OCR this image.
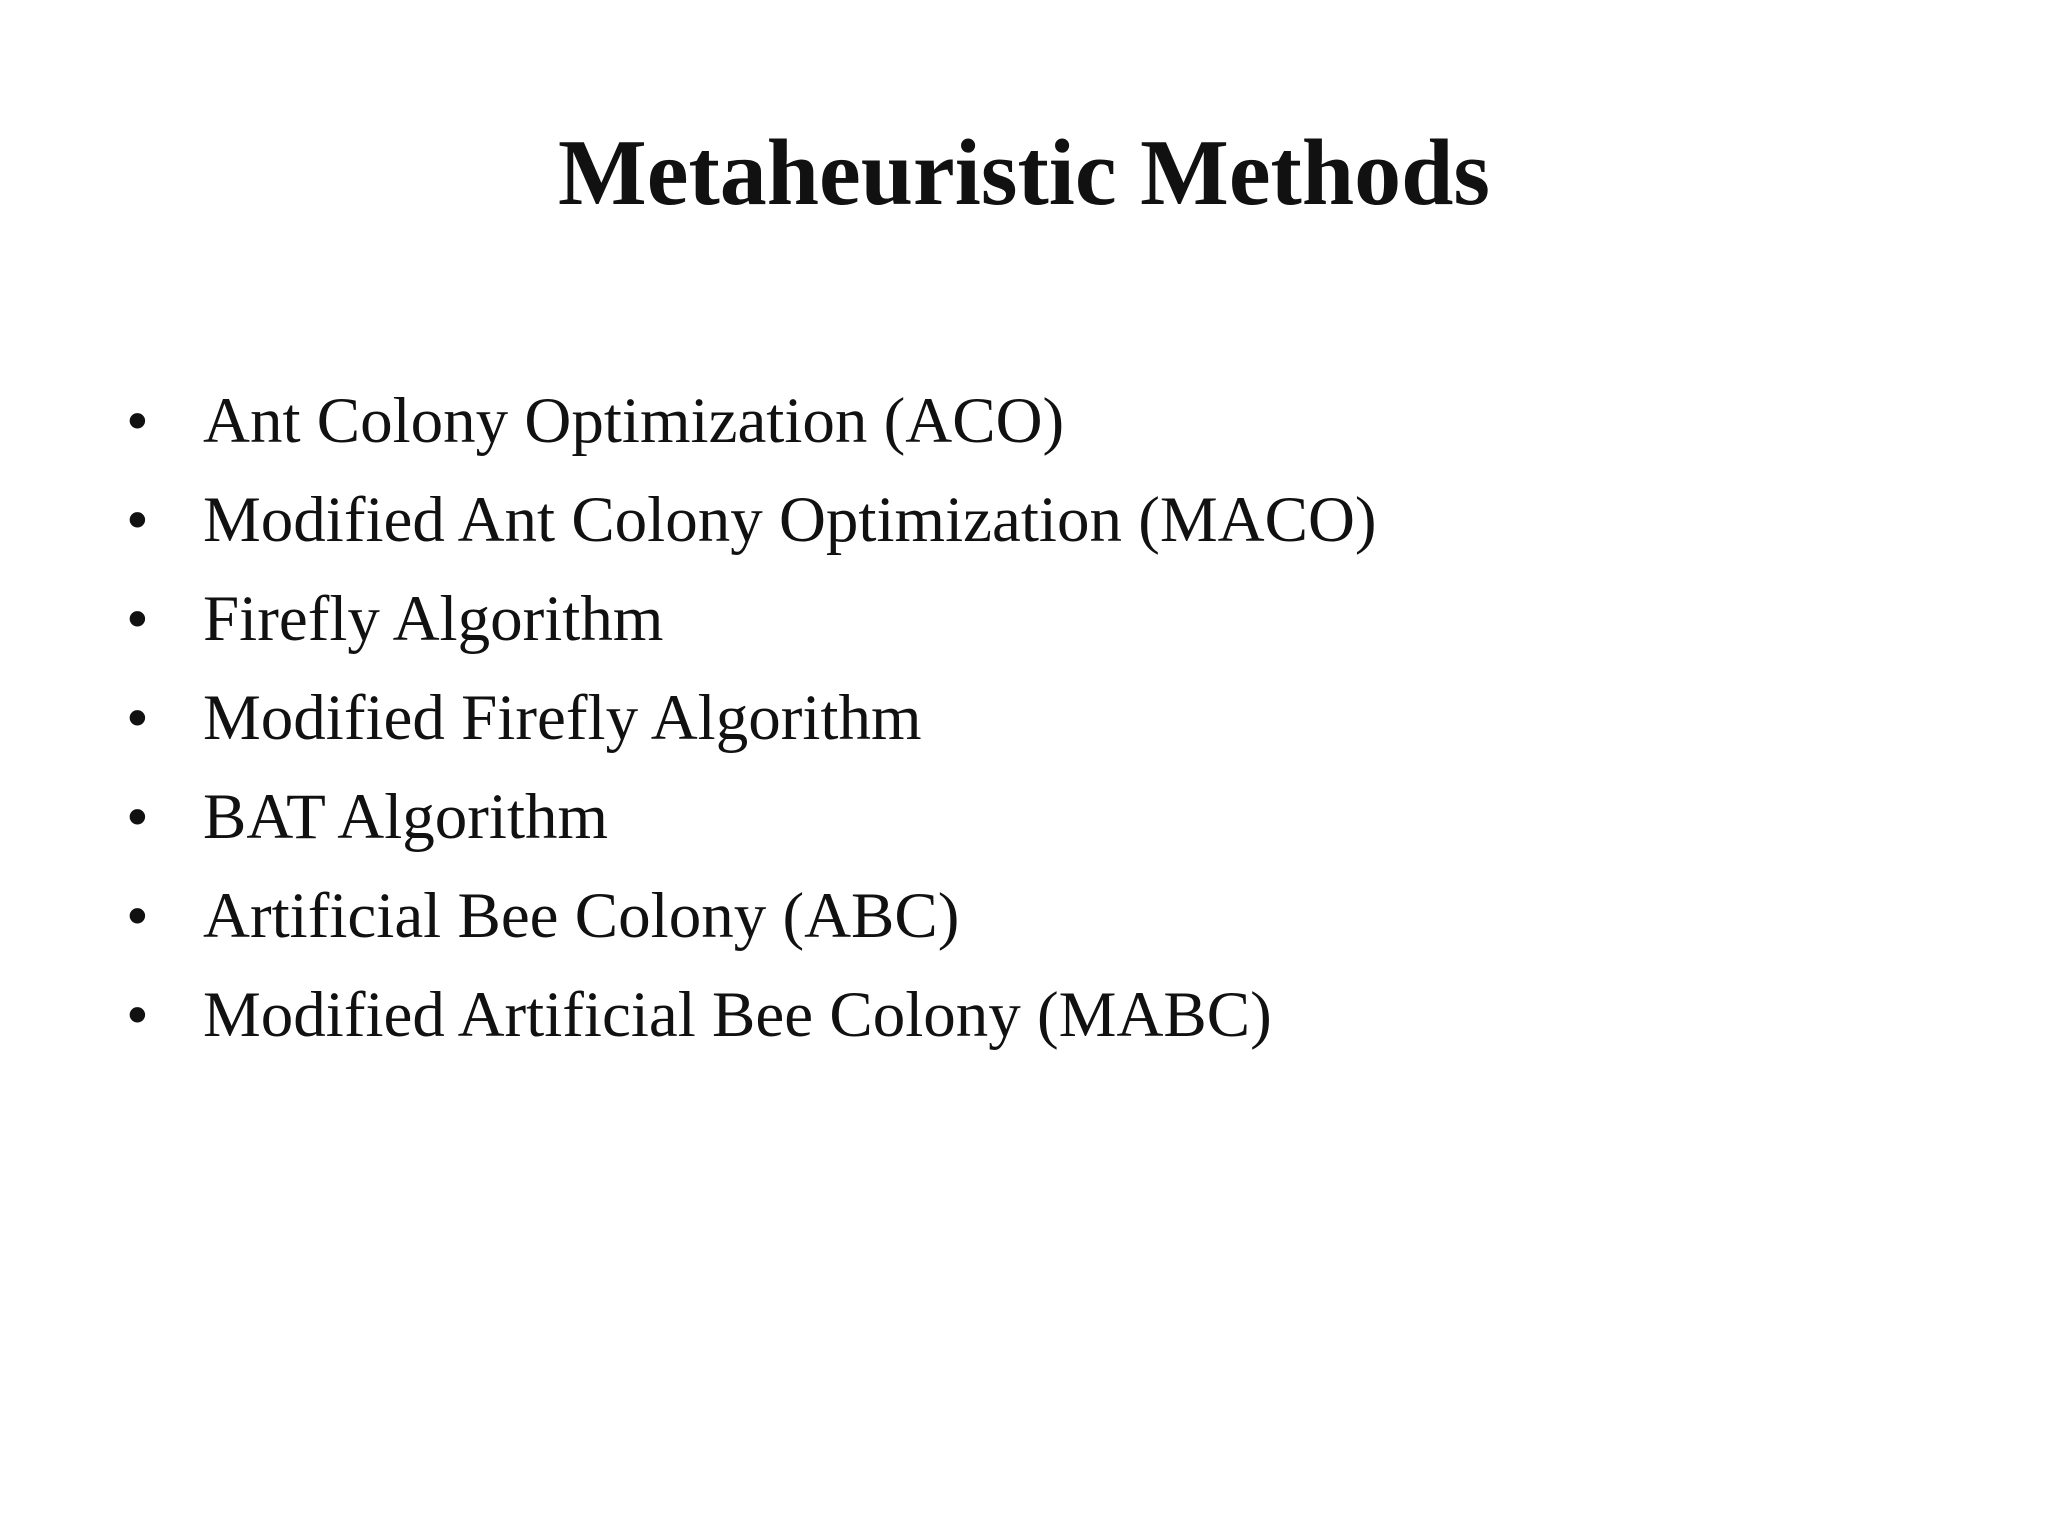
Metaheuristic Methods
• Ant Colony Optimization (ACO)
• Modified Ant Colony Optimization (MACO)
• Firefly Algorithm
• Modified Firefly Algorithm
• BAT Algorithm
• Artificial Bee Colony (ABC)
• Modified Artificial Bee Colony (MABC)
